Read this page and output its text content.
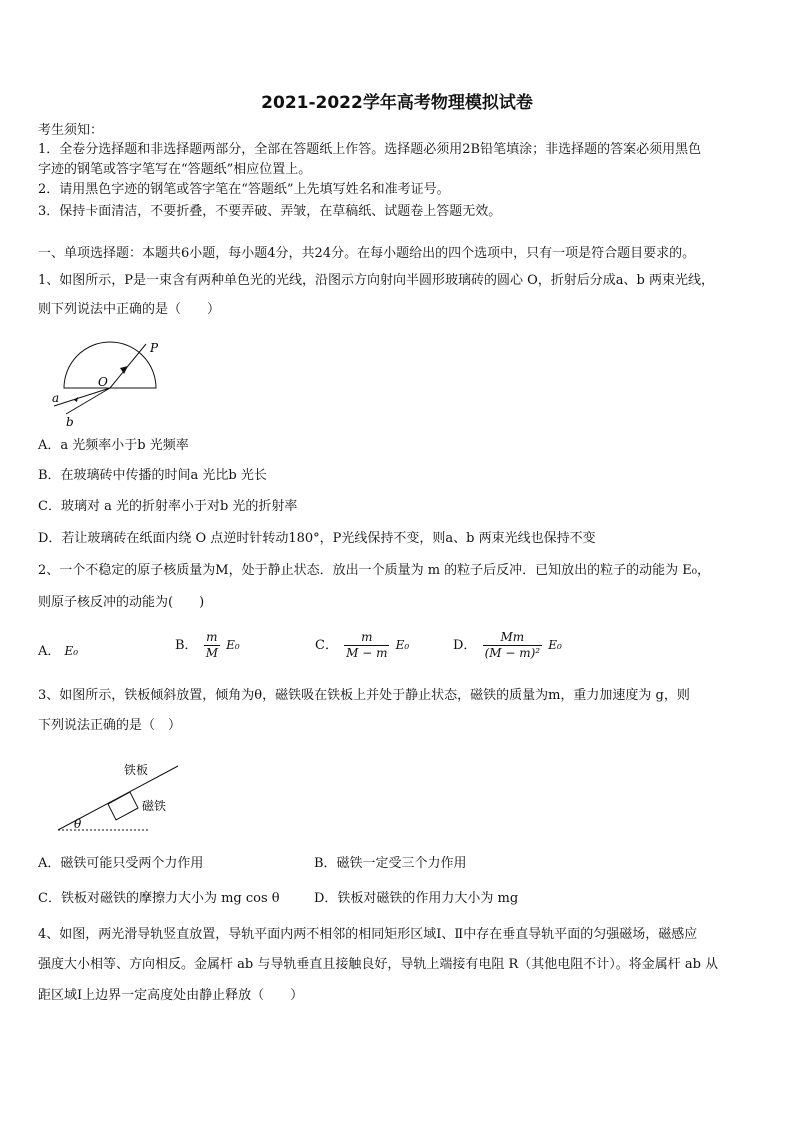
2021-2022学年高考物理模拟试卷
考生须知：
1．全卷分选择题和非选择题两部分，全部在答题纸上作答。选择题必须用2B铅笔填涂；非选择题的答案必须用黑色
字迹的钢笔或答字笔写在“答题纸”相应位置上。
2．请用黑色字迹的钢笔或答字笔在“答题纸”上先填写姓名和准考证号。
3．保持卡面清洁，不要折叠，不要弄破、弄皱，在草稿纸、试题卷上答题无效。
一、单项选择题：本题共6小题，每小题4分，共24分。在每小题给出的四个选项中，只有一项是符合题目要求的。
1、如图所示，P是一束含有两种单色光的光线，沿图示方向射向半圆形玻璃砖的圆心 O，折射后分成a、b 两束光线，
则下列说法中正确的是（　　）
P
O
a
b
A．a 光频率小于b 光频率
B．在玻璃砖中传播的时间a 光比b 光长
C．玻璃对 a 光的折射率小于对b 光的折射率
D．若让玻璃砖在纸面内绕 O 点逆时针转动180°，P光线保持不变，则a、b 两束光线也保持不变
2、一个不稳定的原子核质量为M，处于静止状态．放出一个质量为 m 的粒子后反冲．已知放出的粒子的动能为 E₀，
则原子核反冲的动能为(　　)
A． E₀	B． $\frac{m}{M} E_0$	C． $\frac{m}{M - m} E_0$	D． $\frac{Mm}{\text{(M − m)²}} E_0$
3、如图所示，铁板倾斜放置，倾角为θ，磁铁吸在铁板上并处于静止状态，磁铁的质量为m，重力加速度为 g，则
下列说法正确的是（　）
铁板
磁铁
θ
A．磁铁可能只受两个力作用	B．磁铁一定受三个力作用
C．铁板对磁铁的摩擦力大小为 mg cos θ	D．铁板对磁铁的作用力大小为 mg
4、如图，两光滑导轨竖直放置，导轨平面内两不相邻的相同矩形区域Ⅰ、Ⅱ中存在垂直导轨平面的匀强磁场，磁感应
强度大小相等、方向相反。金属杆 ab 与导轨垂直且接触良好，导轨上端接有电阻 R（其他电阻不计）。将金属杆 ab 从
距区域Ⅰ上边界一定高度处由静止释放（　　）
